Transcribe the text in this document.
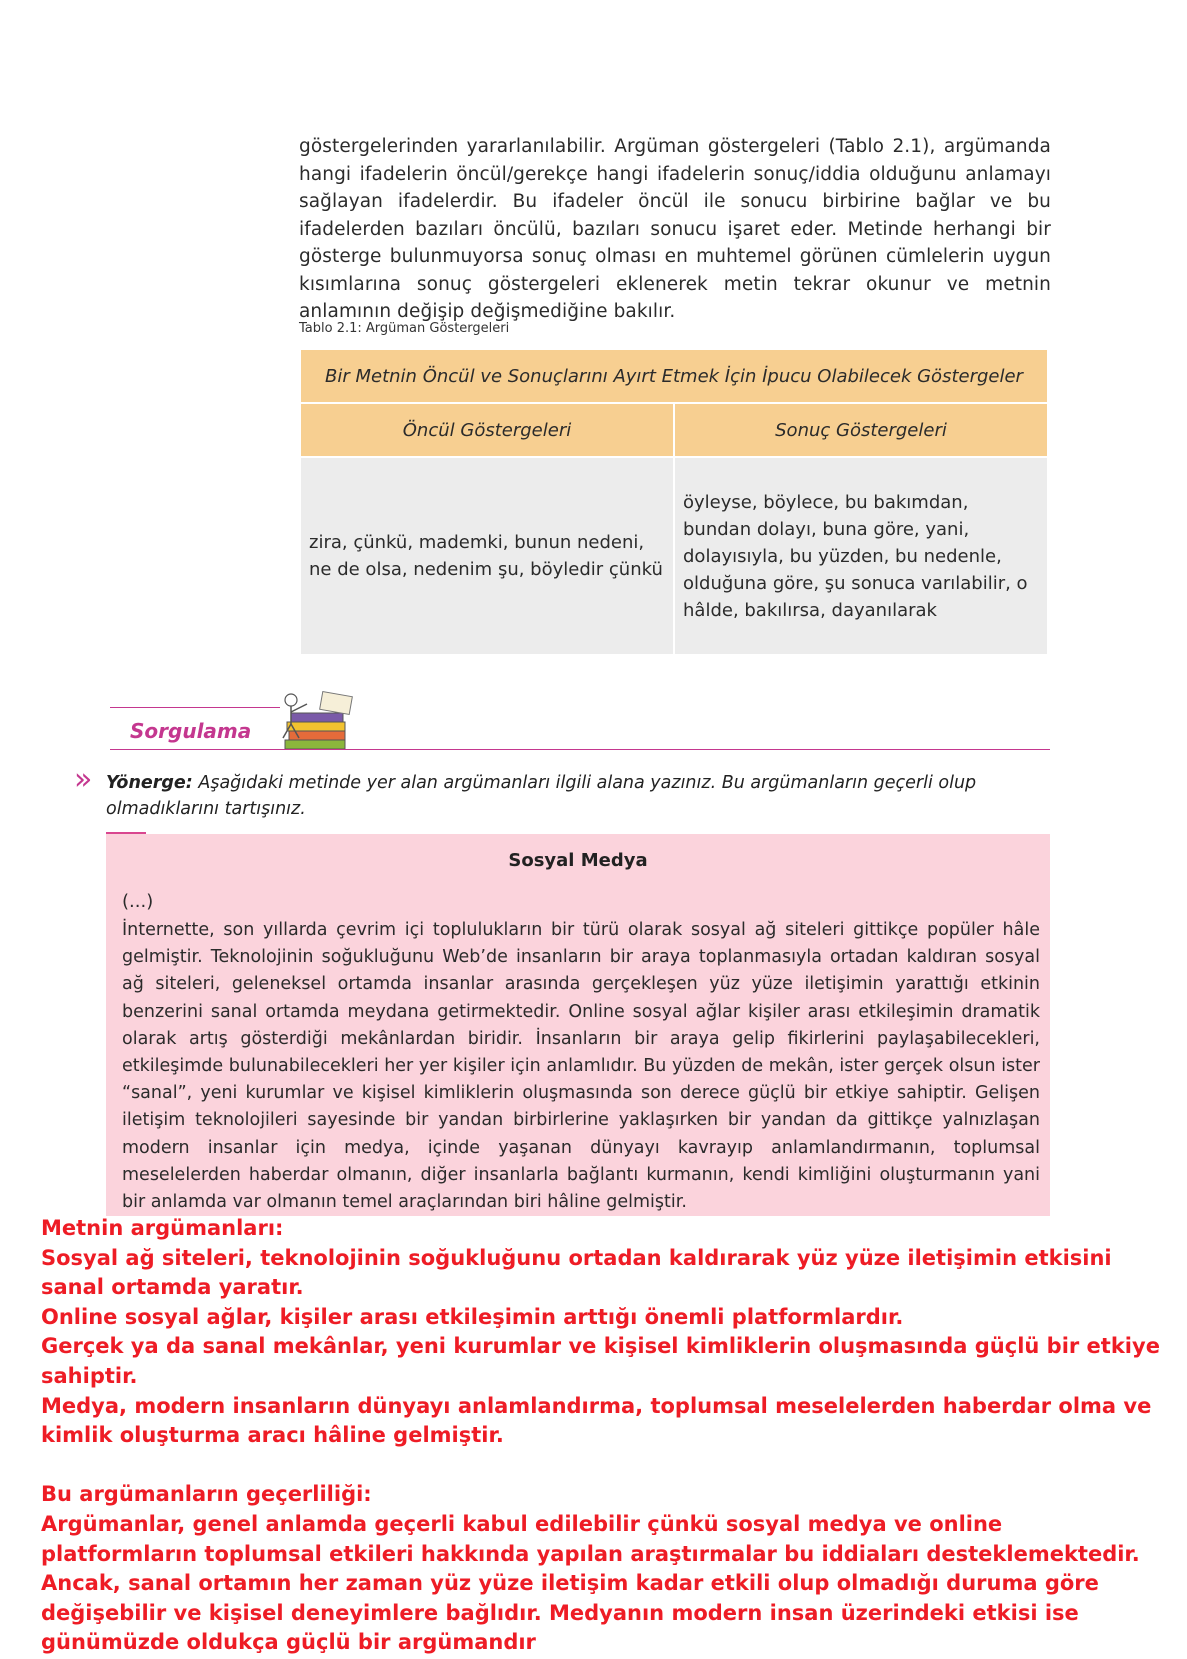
göstergelerinden yararlanılabilir. Argüman göstergeleri (Tablo 2.1), argümanda hangi ifadelerin öncül/gerekçe hangi ifadelerin sonuç/iddia olduğunu anlamayı sağlayan ifadelerdir. Bu ifadeler öncül ile sonucu birbirine bağlar ve bu ifadelerden bazıları öncülü, bazıları sonucu işaret eder. Metinde herhangi bir gösterge bulunmuyorsa sonuç olması en muhtemel görünen cümlelerin uygun kısımlarına sonuç göstergeleri eklenerek metin tekrar okunur ve metnin anlamının değişip değişmediğine bakılır.

Tablo 2.1: Argüman Göstergeleri
Bir Metnin Öncül ve Sonuçlarını Ayırt Etmek İçin İpucu Olabilecek Göstergeler	
Öncül Göstergeleri	Sonuç Göstergeleri
zira, çünkü, mademki, bunun nedeni, ne de olsa, nedenim şu, böyledir çünkü	öyleyse, böylece, bu bakımdan, bundan dolayı, buna göre, yani, dolayısıyla, bu yüzden, bu nedenle, olduğuna göre, şu sonuca varılabilir, o hâlde, bakılırsa, dayanılarak
Sorgulama
» Yönerge: Aşağıdaki metinde yer alan argümanları ilgili alana yazınız. Bu argümanların geçerli olup olmadıklarını tartışınız.
Sosyal Medya
(...)
İnternette, son yıllarda çevrim içi toplulukların bir türü olarak sosyal ağ siteleri gittikçe popüler hâle gelmiştir. Teknolojinin soğukluğunu Web’de insanların bir araya toplanmasıyla ortadan kaldıran sosyal ağ siteleri, geleneksel ortamda insanlar arasında gerçekleşen yüz yüze iletişimin yarattığı etkinin benzerini sanal ortamda meydana getirmektedir. Online sosyal ağlar kişiler arası etkileşimin dramatik olarak artış gösterdiği mekânlardan biridir. İnsanların bir araya gelip fikirlerini paylaşabilecekleri, etkileşimde bulunabilecekleri her yer kişiler için anlamlıdır. Bu yüzden de mekân, ister gerçek olsun ister “sanal”, yeni kurumlar ve kişisel kimliklerin oluşmasında son derece güçlü bir etkiye sahiptir. Gelişen iletişim teknolojileri sayesinde bir yandan birbirlerine yaklaşırken bir yandan da gittikçe yalnızlaşan modern insanlar için medya, içinde yaşanan dünyayı kavrayıp anlamlandırmanın, toplumsal meselelerden haberdar olmanın, diğer insanlarla bağlantı kurmanın, kendi kimliğini oluşturmanın yani bir anlamda var olmanın temel araçlarından biri hâline gelmiştir.

Metnin argümanları:

Sosyal ağ siteleri, teknolojinin soğukluğunu ortadan kaldırarak yüz yüze iletişimin etkisini sanal ortamda yaratır.

Online sosyal ağlar, kişiler arası etkileşimin arttığı önemli platformlardır.

Gerçek ya da sanal mekânlar, yeni kurumlar ve kişisel kimliklerin oluşmasında güçlü bir etkiye sahiptir.

Medya, modern insanların dünyayı anlamlandırma, toplumsal meselelerden haberdar olma ve kimlik oluşturma aracı hâline gelmiştir.

Bu argümanların geçerliliği:

Argümanlar, genel anlamda geçerli kabul edilebilir çünkü sosyal medya ve online platformların toplumsal etkileri hakkında yapılan araştırmalar bu iddiaları desteklemektedir. Ancak, sanal ortamın her zaman yüz yüze iletişim kadar etkili olup olmadığı duruma göre değişebilir ve kişisel deneyimlere bağlıdır. Medyanın modern insan üzerindeki etkisi ise günümüzde oldukça güçlü bir argümandır
